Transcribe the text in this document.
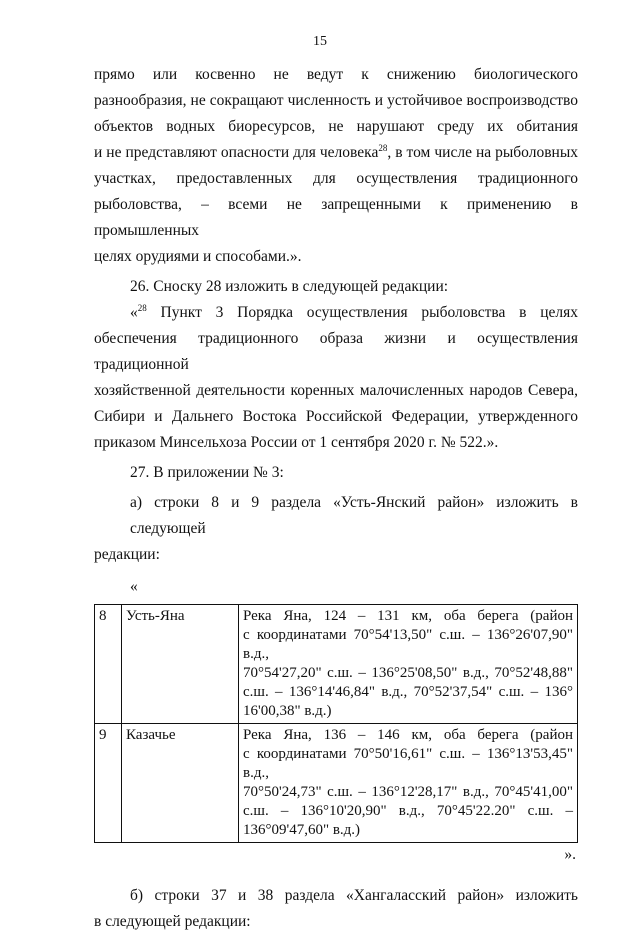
15

прямо или косвенно не ведут к снижению биологического
разнообразия, не сокращают численность и устойчивое воспроизводство
объектов водных биоресурсов, не нарушают среду их обитания
и не представляют опасности для человека$^{28}$, в том числе на рыболовных
участках, предоставленных для осуществления традиционного
рыболовства, – всеми не запрещенными к применению в промышленных
целях орудиями и способами.».

26. Сноску 28 изложить в следующей редакции:

«$^{28}$ Пункт 3 Порядка осуществления рыболовства в целях
обеспечения традиционного образа жизни и осуществления традиционной
хозяйственной деятельности коренных малочисленных народов Севера,
Сибири и Дальнего Востока Российской Федерации, утвержденного
приказом Минсельхоза России от 1 сентября 2020 г. № 522.».

27. В приложении № 3:

а) строки 8 и 9 раздела «Усть-Янский район» изложить в следующей
редакции:

«

8	Усть-Яна	Река Яна, 124 – 131 км, оба берега (район
с координатами 70°54'13,50" с.ш. – 136°26'07,90" в.д.,
70°54'27,20" с.ш. – 136°25'08,50" в.д., 70°52'48,88"
с.ш. – 136°14'46,84" в.д., 70°52'37,54" с.ш. – 136°
16'00,38" в.д.)

9	Казачье	Река Яна, 136 – 146 км, оба берега (район
с координатами 70°50'16,61" с.ш. – 136°13'53,45" в.д.,
70°50'24,73" с.ш. – 136°12'28,17" в.д., 70°45'41,00"
с.ш. – 136°10'20,90" в.д., 70°45'22.20" с.ш. –
136°09'47,60" в.д.)

».

б) строки 37 и 38 раздела «Хангаласский район» изложить
в следующей редакции:
